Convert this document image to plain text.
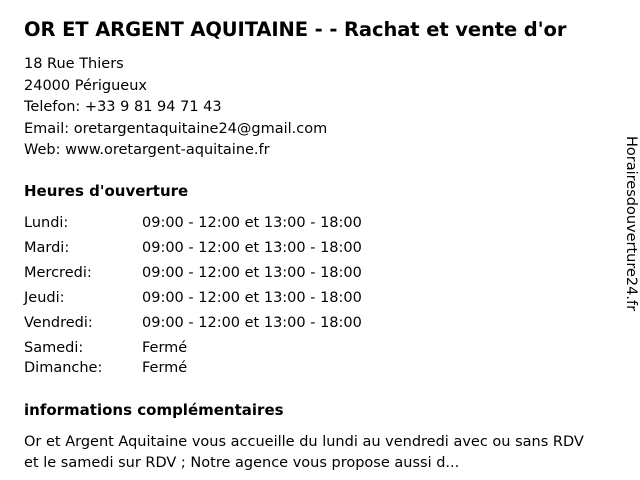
OR ET ARGENT AQUITAINE - - Rachat et vente d'or
18 Rue Thiers
24000 Périgueux
Telefon: +33 9 81 94 71 43
Email: oretargentaquitaine24@gmail.com
Web: www.oretargent-aquitaine.fr
Heures d'ouverture
Lundi:	09:00 - 12:00 et 13:00 - 18:00
Mardi:	09:00 - 12:00 et 13:00 - 18:00
Mercredi:	09:00 - 12:00 et 13:00 - 18:00
Jeudi:	09:00 - 12:00 et 13:00 - 18:00
Vendredi:	09:00 - 12:00 et 13:00 - 18:00
Samedi:	Fermé
Dimanche:	Fermé
informations complémentaires
Or et Argent Aquitaine vous accueille du lundi au vendredi avec ou sans RDV et le samedi sur RDV ; Notre agence vous propose aussi d...
Horairesdouverture24.fr
